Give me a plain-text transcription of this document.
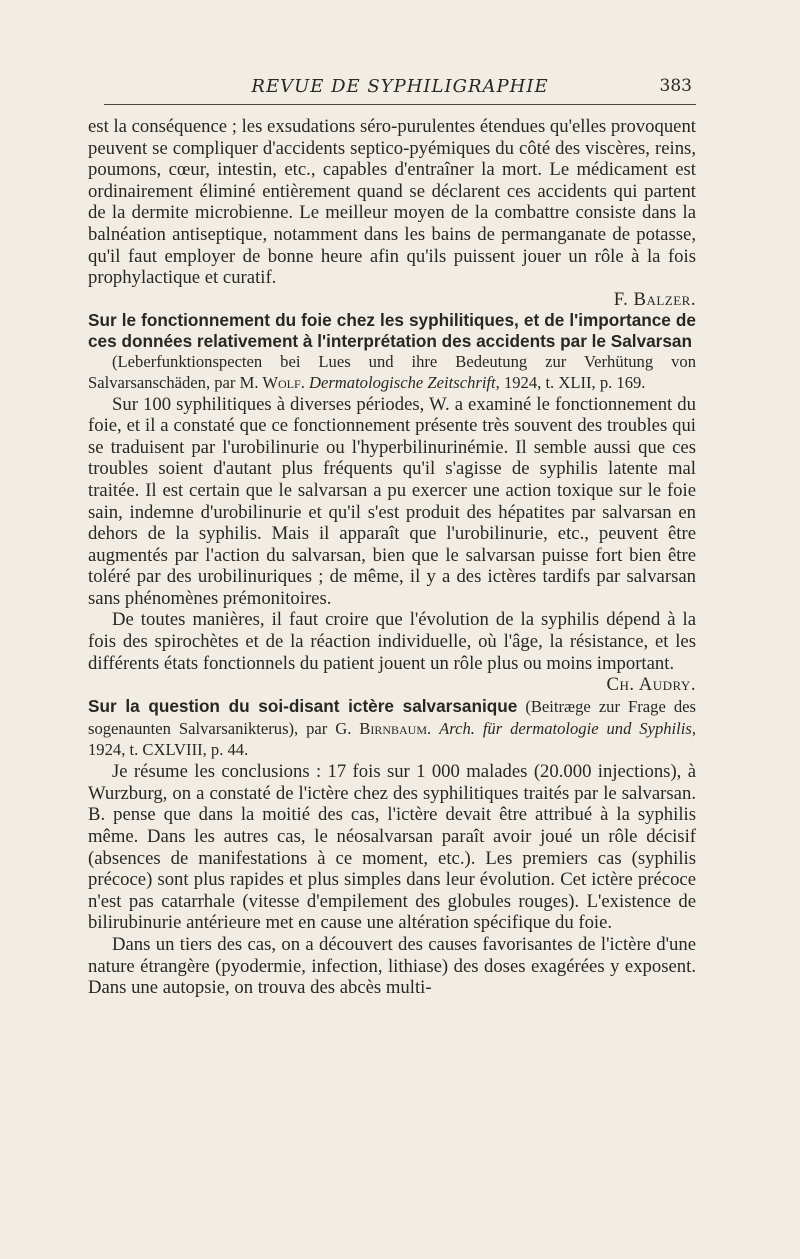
REVUE DE SYPHILIGRAPHIE	383

est la conséquence ; les exsudations séro-purulentes étendues qu'elles provoquent peuvent se compliquer d'accidents septico-pyémiques du côté des viscères, reins, poumons, cœur, intestin, etc., capables d'entraîner la mort. Le médicament est ordinairement éliminé entièrement quand se déclarent ces accidents qui partent de la dermite microbienne. Le meilleur moyen de la combattre consiste dans la balnéation antiseptique, notamment dans les bains de permanganate de potasse, qu'il faut employer de bonne heure afin qu'ils puissent jouer un rôle à la fois prophylactique et curatif.
F. Balzer.

Sur le fonctionnement du foie chez les syphilitiques, et de l'importance de ces données relativement à l'interprétation des accidents par le Salvarsan

(Leberfunktionspecten bei Lues und ihre Bedeutung zur Verhütung von Salvarsanschäden, par M. Wolf. Dermatologische Zeitschrift, 1924, t. XLII, p. 169.

Sur 100 syphilitiques à diverses périodes, W. a examiné le fonctionnement du foie, et il a constaté que ce fonctionnement présente très souvent des troubles qui se traduisent par l'urobilinurie ou l'hyperbilinurinémie. Il semble aussi que ces troubles soient d'autant plus fréquents qu'il s'agisse de syphilis latente mal traitée. Il est certain que le salvarsan a pu exercer une action toxique sur le foie sain, indemne d'urobilinurie et qu'il s'est produit des hépatites par salvarsan en dehors de la syphilis. Mais il apparaît que l'urobilinurie, etc., peuvent être augmentés par l'action du salvarsan, bien que le salvarsan puisse fort bien être toléré par des urobilinuriques ; de même, il y a des ictères tardifs par salvarsan sans phénomènes prémonitoires.

De toutes manières, il faut croire que l'évolution de la syphilis dépend à la fois des spirochètes et de la réaction individuelle, où l'âge, la résistance, et les différents états fonctionnels du patient jouent un rôle plus ou moins important.
Ch. Audry.

Sur la question du soi-disant ictère salvarsanique (Beitræge zur Frage des sogenaunten Salvarsanikterus), par G. Birnbaum. Arch. für dermatologie und Syphilis, 1924, t. CXLVIII, p. 44.

Je résume les conclusions : 17 fois sur 1 000 malades (20.000 injections), à Wurzburg, on a constaté de l'ictère chez des syphilitiques traités par le salvarsan. B. pense que dans la moitié des cas, l'ictère devait être attribué à la syphilis même. Dans les autres cas, le néosalvarsan paraît avoir joué un rôle décisif (absences de manifestations à ce moment, etc.). Les premiers cas (syphilis précoce) sont plus rapides et plus simples dans leur évolution. Cet ictère précoce n'est pas catarrhale (vitesse d'empilement des globules rouges). L'existence de bilirubinurie antérieure met en cause une altération spécifique du foie.

Dans un tiers des cas, on a découvert des causes favorisantes de l'ictère d'une nature étrangère (pyodermie, infection, lithiase) des doses exagérées y exposent. Dans une autopsie, on trouva des abcès multi-
